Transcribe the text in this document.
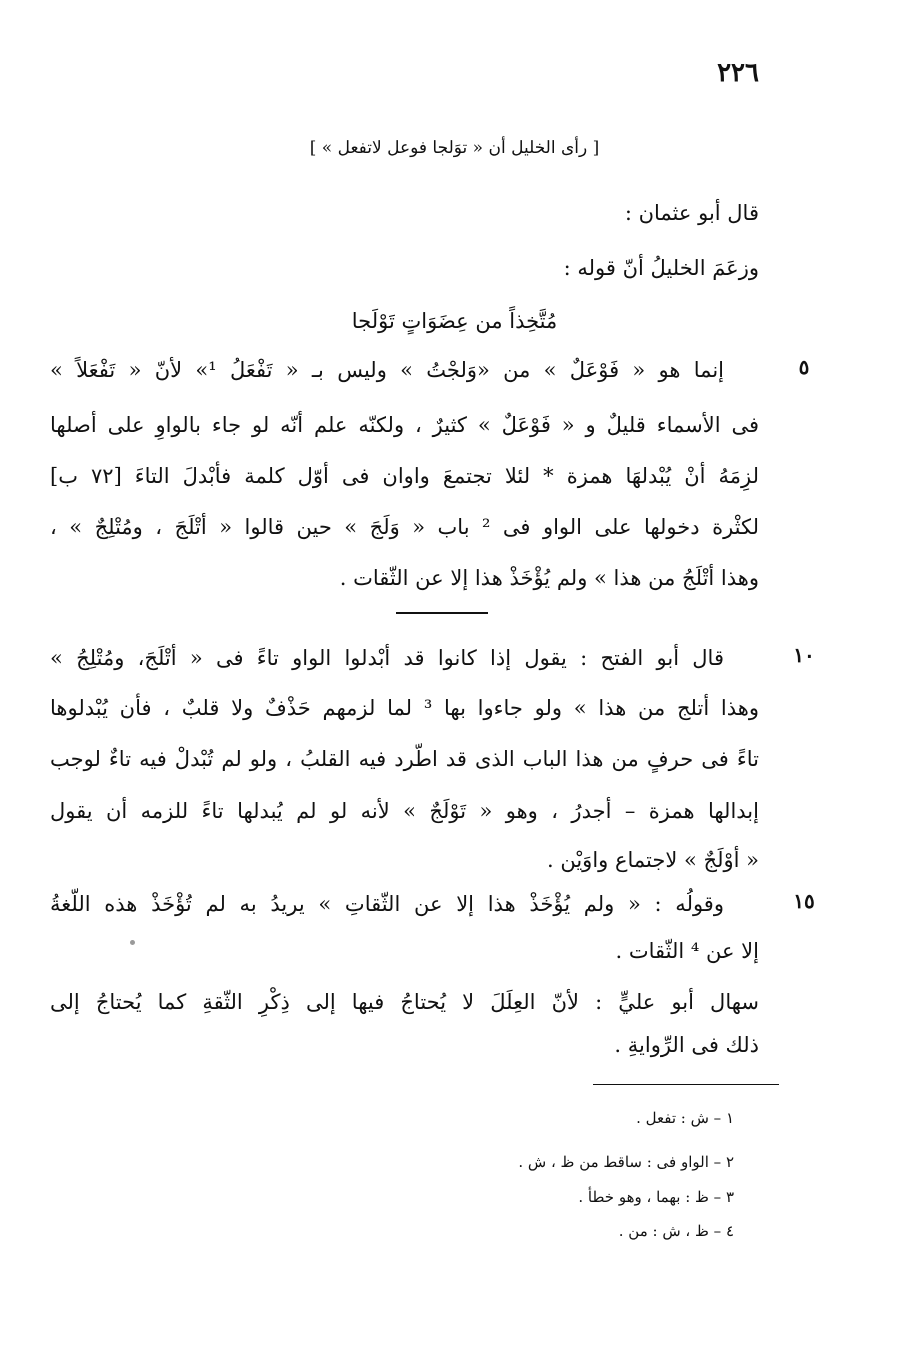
٢٢٦
[ رأى الخليل أن « توَلجا فوعل لاتفعل » ]
قال أبو عثمان :
وزعَمَ الخليلُ أنّ قوله :
مُتَّخِذاً من عِضَوَاتٍ تَوْلَجا
٥
إنما هو « فَوْعَلٌ » من «وَلجْتُ » وليس بـ « تَفْعَلُ ¹» لأنّ « تَفْعَلاً »
فى الأسماء قليلٌ و « فَوْعَلٌ » كثيرٌ ، ولكنّه علم أنّه لو جاء بالواوِ على أصلها
لزِمَهُ أنْ يُبْدلهَا همزة * لئلا تجتمعَ واوان فى أوّل كلمة فأبْدلَ التاءَ [٧٢ ب]
لكثْرة دخولها على الواو فى ² باب « وَلَجَ » حين قالوا « أتْلَجَ ، ومُتْلِجٌ » ،
وهذا أتْلَجُ من هذا » ولم يُؤْخَذْ هذا إلا عن الثّقات .
١٠
قال أبو الفتح : يقول إذا كانوا قد أبْدلوا الواو تاءً فى « أتْلَجَ، ومُتْلِجُ »
وهذا أتلج من هذا » ولو جاءوا بها ³ لما لزمهم حَذْفٌ ولا قلبٌ ، فأن يُبْدلوها
تاءً فى حرفٍ من هذا الباب الذى قد اطّرد فيه القلبُ ، ولو لم تُبْدلْ فيه تاءٌ لوجب
إبدالها همزة – أجدرُ ، وهو « تَوْلَجٌ » لأنه لو لم يُبدلها تاءً للزمه أن يقول
« أوْلَجٌ » لاجتماع واوَيْن .
١٥
وقولُه : « ولم يُؤْخَذْ هذا إلا عن الثّقاتِ » يريدُ به لم تُؤْخَذْ هذه اللّغةُ
إلا عن ⁴ الثّقات .
سهال أبو عليٍّ : لأنّ العِلَلَ لا يُحتاجُ فيها إلى ذِكْرِ الثّقةِ كما يُحتاجُ إلى
ذلك فى الرِّوايةِ .
١ – ش : تفعل .
٢ – الواو فى : ساقط من ظ ، ش .
٣ – ظ : بهما ، وهو خطأ .
٤ – ظ ، ش : من .
